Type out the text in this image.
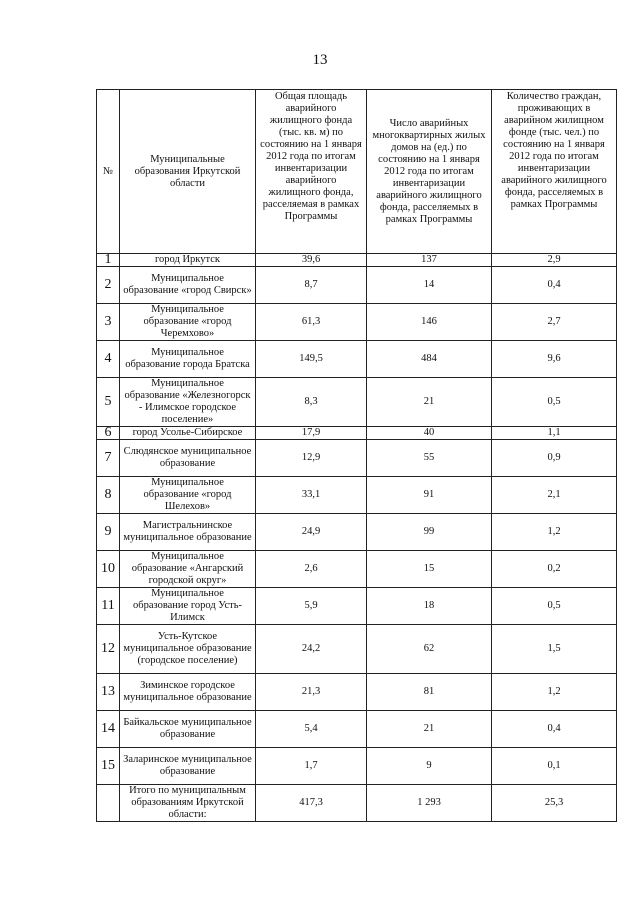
13
№	Муниципальные образования Иркутской области	Общая площадь аварийного жилищного фонда (тыс. кв. м) по состоянию на 1 января 2012 года по итогам инвентаризации аварийного жилищного фонда, расселяемая в рамках Программы	Число аварийных многоквартирных жилых домов на (ед.) по состоянию на 1 января 2012 года по итогам инвентаризации аварийного жилищного фонда, расселяемых в рамках Программы	Количество граждан, проживающих в аварийном жилищном фонде (тыс. чел.) по состоянию на 1 января 2012 года по итогам инвентаризации аварийного жилищного фонда, расселяемых в рамках Программы
1	город Иркутск	39,6	137	2,9
2	Муниципальное образование «город Свирск»	8,7	14	0,4
3	Муниципальное образование «город Черемхово»	61,3	146	2,7
4	Муниципальное образование города Братска	149,5	484	9,6
5	Муниципальное образование «Железногорск - Илимское городское поселение»	8,3	21	0,5
6	город Усолье-Сибирское	17,9	40	1,1
7	Слюдянское муниципальное образование	12,9	55	0,9
8	Муниципальное образование «город Шелехов»	33,1	91	2,1
9	Магистральнинское муниципальное образование	24,9	99	1,2
10	Муниципальное образование «Ангарский городской округ»	2,6	15	0,2
11	Муниципальное образование город Усть-Илимск	5,9	18	0,5
12	Усть-Кутское муниципальное образование (городское поселение)	24,2	62	1,5
13	Зиминское городское муниципальное образование	21,3	81	1,2
14	Байкальское муниципальное образование	5,4	21	0,4
15	Заларинское муниципальное образование	1,7	9	0,1
	Итого по муниципальным образованиям Иркутской области:	417,3	1 293	25,3
